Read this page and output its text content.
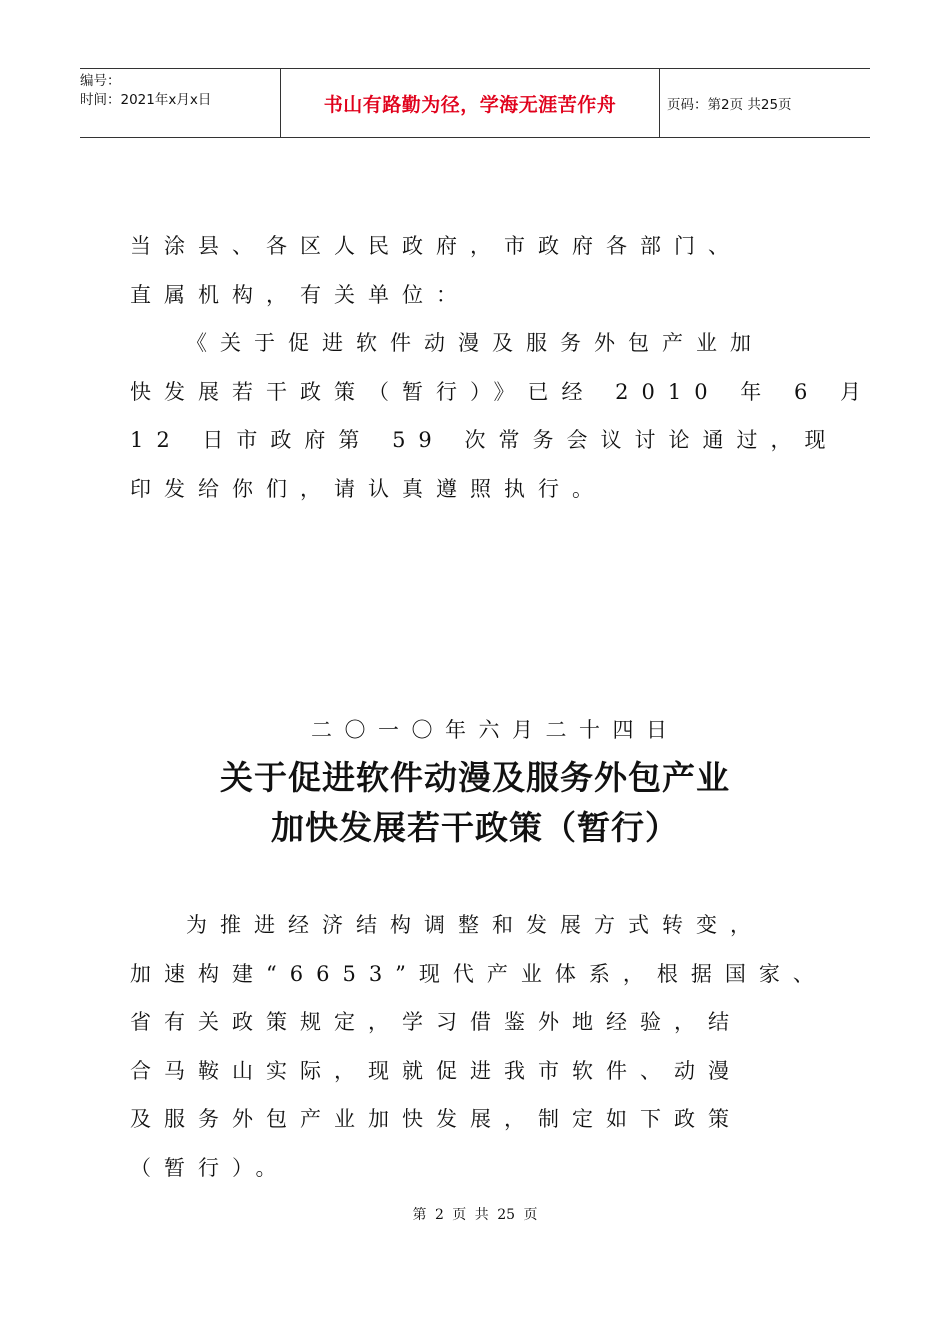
编号：
时间：2021年x月x日	书山有路勤为径，学海无涯苦作舟	页码：第2页 共25页
当涂县、各区人民政府，市政府各部门、
直属机构，有关单位：
《关于促进软件动漫及服务外包产业加
快发展若干政策（暂行）》已经 2010 年 6 月
12 日市政府第 59 次常务会议讨论通过，现
印发给你们，请认真遵照执行。
二〇一〇年六月二十四日
关于促进软件动漫及服务外包产业
加快发展若干政策（暂行）
为推进经济结构调整和发展方式转变，
加速构建“6653”现代产业体系，根据国家、
省有关政策规定，学习借鉴外地经验，结
合马鞍山实际，现就促进我市软件、动漫
及服务外包产业加快发展，制定如下政策
（暂行）。
第 2 页 共 25 页
